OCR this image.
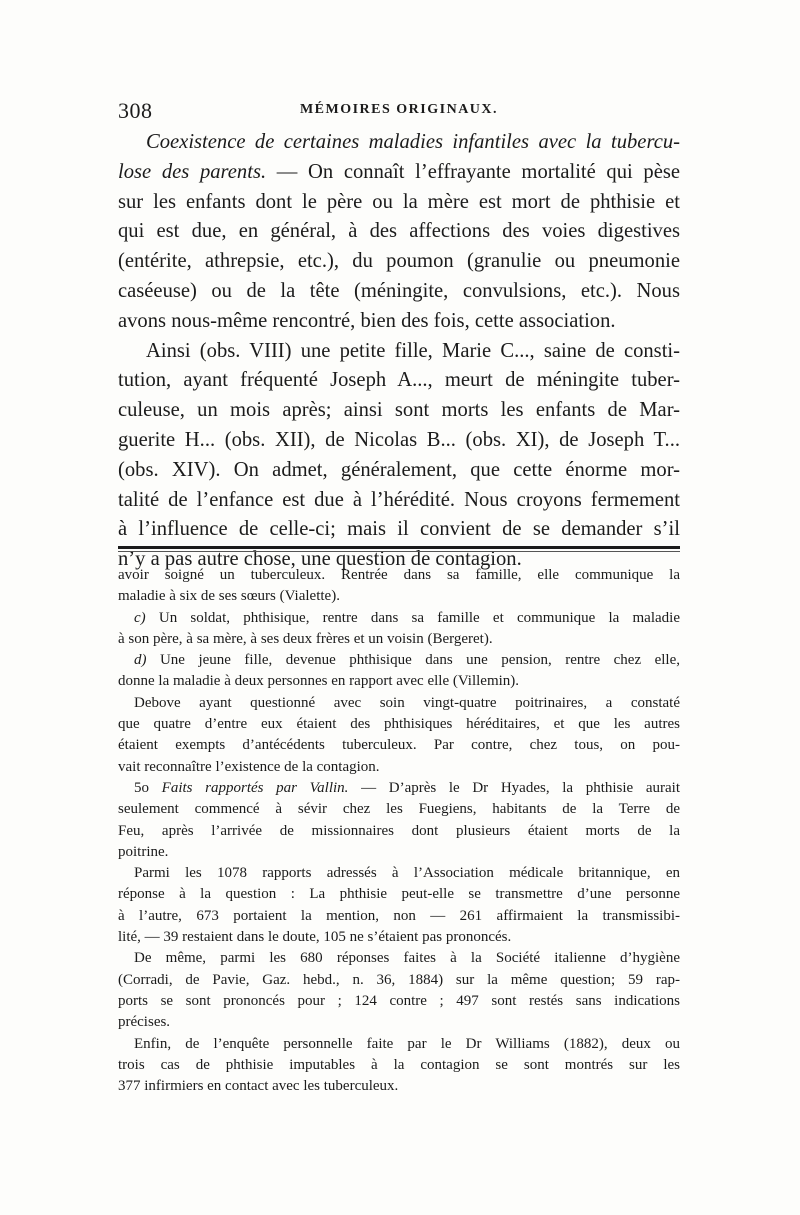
308	MÉMOIRES ORIGINAUX.

Coexistence de certaines maladies infantiles avec la tubercu-
lose des parents. — On connaît l’effrayante mortalité qui pèse
sur les enfants dont le père ou la mère est mort de phthisie et
qui est due, en général, à des affections des voies digestives
(entérite, athrepsie, etc.), du poumon (granulie ou pneumonie
caséeuse) ou de la tête (méningite, convulsions, etc.). Nous
avons nous-même rencontré, bien des fois, cette association.

Ainsi (obs. VIII) une petite fille, Marie C..., saine de consti-
tution, ayant fréquenté Joseph A..., meurt de méningite tuber-
culeuse, un mois après; ainsi sont morts les enfants de Mar-
guerite H... (obs. XII), de Nicolas B... (obs. XI), de Joseph T...
(obs. XIV). On admet, généralement, que cette énorme mor-
talité de l’enfance est due à l’hérédité. Nous croyons fermement
à l’influence de celle-ci; mais il convient de se demander s’il
n’y a pas autre chose, une question de contagion.

avoir soigné un tuberculeux. Rentrée dans sa famille, elle communique la
maladie à six de ses sœurs (Vialette).

c) Un soldat, phthisique, rentre dans sa famille et communique la maladie
à son père, à sa mère, à ses deux frères et un voisin (Bergeret).

d) Une jeune fille, devenue phthisique dans une pension, rentre chez elle,
donne la maladie à deux personnes en rapport avec elle (Villemin).

Debove ayant questionné avec soin vingt-quatre poitrinaires, a constaté
que quatre d’entre eux étaient des phthisiques héréditaires, et que les autres
étaient exempts d’antécédents tuberculeux. Par contre, chez tous, on pou-
vait reconnaître l’existence de la contagion.

5o Faits rapportés par Vallin. — D’après le Dr Hyades, la phthisie aurait
seulement commencé à sévir chez les Fuegiens, habitants de la Terre de
Feu, après l’arrivée de missionnaires dont plusieurs étaient morts de la
poitrine.

Parmi les 1078 rapports adressés à l’Association médicale britannique, en
réponse à la question : La phthisie peut-elle se transmettre d’une personne
à l’autre, 673 portaient la mention, non — 261 affirmaient la transmissibi-
lité, — 39 restaient dans le doute, 105 ne s’étaient pas prononcés.

De même, parmi les 680 réponses faites à la Société italienne d’hygiène
(Corradi, de Pavie, Gaz. hebd., n. 36, 1884) sur la même question; 59 rap-
ports se sont prononcés pour ; 124 contre ; 497 sont restés sans indications
précises.

Enfin, de l’enquête personnelle faite par le Dr Williams (1882), deux ou
trois cas de phthisie imputables à la contagion se sont montrés sur les
377 infirmiers en contact avec les tuberculeux.
